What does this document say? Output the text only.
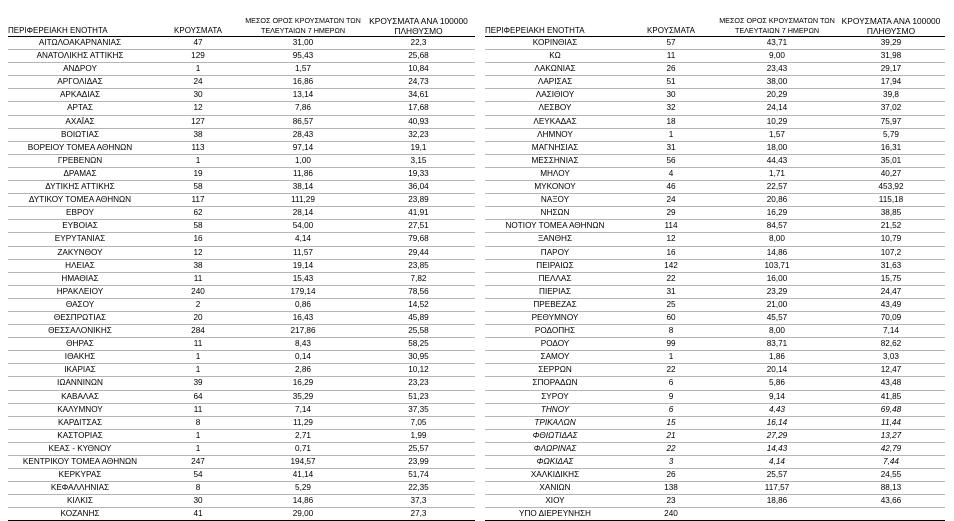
ΠΕΡΙΦΕΡΕΙΑΚΗ ΕΝΟΤΗΤΑ	ΚΡΟΥΣΜΑΤΑ	ΜΕΣΟΣ ΟΡΟΣ ΚΡΟΥΣΜΑΤΩΝ ΤΩΝ ΤΕΛΕΥΤΑΙΩΝ 7 ΗΜΕΡΩΝ	ΚΡΟΥΣΜΑΤΑ ΑΝΑ 100000 ΠΛΗΘΥΣΜΟ
ΑΙΤΩΛΟΑΚΑΡΝΑΝΙΑΣ	47	31,00	22,3
ΑΝΑΤΟΛΙΚΗΣ ΑΤΤΙΚΗΣ	129	95,43	25,68
ΑΝΔΡΟΥ	1	1,57	10,84
ΑΡΓΟΛΙΔΑΣ	24	16,86	24,73
ΑΡΚΑΔΙΑΣ	30	13,14	34,61
ΑΡΤΑΣ	12	7,86	17,68
ΑΧΑΪΑΣ	127	86,57	40,93
ΒΟΙΩΤΙΑΣ	38	28,43	32,23
ΒΟΡΕΙΟΥ ΤΟΜΕΑ ΑΘΗΝΩΝ	113	97,14	19,1
ΓΡΕΒΕΝΩΝ	1	1,00	3,15
ΔΡΑΜΑΣ	19	11,86	19,33
ΔΥΤΙΚΗΣ ΑΤΤΙΚΗΣ	58	38,14	36,04
ΔΥΤΙΚΟΥ ΤΟΜΕΑ ΑΘΗΝΩΝ	117	111,29	23,89
ΕΒΡΟΥ	62	28,14	41,91
ΕΥΒΟΙΑΣ	58	54,00	27,51
ΕΥΡΥΤΑΝΙΑΣ	16	4,14	79,68
ΖΑΚΥΝΘΟΥ	12	11,57	29,44
ΗΛΕΙΑΣ	38	19,14	23,85
ΗΜΑΘΙΑΣ	11	15,43	7,82
ΗΡΑΚΛΕΙΟΥ	240	179,14	78,56
ΘΑΣΟΥ	2	0,86	14,52
ΘΕΣΠΡΩΤΙΑΣ	20	16,43	45,89
ΘΕΣΣΑΛΟΝΙΚΗΣ	284	217,86	25,58
ΘΗΡΑΣ	11	8,43	58,25
ΙΘΑΚΗΣ	1	0,14	30,95
ΙΚΑΡΙΑΣ	1	2,86	10,12
ΙΩΑΝΝΙΝΩΝ	39	16,29	23,23
ΚΑΒΑΛΑΣ	64	35,29	51,23
ΚΑΛΥΜΝΟΥ	11	7,14	37,35
ΚΑΡΔΙΤΣΑΣ	8	11,29	7,05
ΚΑΣΤΟΡΙΑΣ	1	2,71	1,99
ΚΕΑΣ - ΚΥΘΝΟΥ	1	0,71	25,57
ΚΕΝΤΡΙΚΟΥ ΤΟΜΕΑ ΑΘΗΝΩΝ	247	194,57	23,99
ΚΕΡΚΥΡΑΣ	54	41,14	51,74
ΚΕΦΑΛΛΗΝΙΑΣ	8	5,29	22,35
ΚΙΛΚΙΣ	30	14,86	37,3
ΚΟΖΑΝΗΣ	41	29,00	27,3
ΠΕΡΙΦΕΡΕΙΑΚΗ ΕΝΟΤΗΤΑ	ΚΡΟΥΣΜΑΤΑ	ΜΕΣΟΣ ΟΡΟΣ ΚΡΟΥΣΜΑΤΩΝ ΤΩΝ ΤΕΛΕΥΤΑΙΩΝ 7 ΗΜΕΡΩΝ	ΚΡΟΥΣΜΑΤΑ ΑΝΑ 100000 ΠΛΗΘΥΣΜΟ
ΚΟΡΙΝΘΙΑΣ	57	43,71	39,29
ΚΩ	11	9,00	31,98
ΛΑΚΩΝΙΑΣ	26	23,43	29,17
ΛΑΡΙΣΑΣ	51	38,00	17,94
ΛΑΣΙΘΙΟΥ	30	20,29	39,8
ΛΕΣΒΟΥ	32	24,14	37,02
ΛΕΥΚΑΔΑΣ	18	10,29	75,97
ΛΗΜΝΟΥ	1	1,57	5,79
ΜΑΓΝΗΣΙΑΣ	31	18,00	16,31
ΜΕΣΣΗΝΙΑΣ	56	44,43	35,01
ΜΗΛΟΥ	4	1,71	40,27
ΜΥΚΟΝΟΥ	46	22,57	453,92
ΝΑΞΟΥ	24	20,86	115,18
ΝΗΣΩΝ	29	16,29	38,85
ΝΟΤΙΟΥ ΤΟΜΕΑ ΑΘΗΝΩΝ	114	84,57	21,52
ΞΑΝΘΗΣ	12	8,00	10,79
ΠΑΡΟΥ	16	14,86	107,2
ΠΕΙΡΑΙΩΣ	142	103,71	31,63
ΠΕΛΛΑΣ	22	16,00	15,75
ΠΙΕΡΙΑΣ	31	23,29	24,47
ΠΡΕΒΕΖΑΣ	25	21,00	43,49
ΡΕΘΥΜΝΟΥ	60	45,57	70,09
ΡΟΔΟΠΗΣ	8	8,00	7,14
ΡΟΔΟΥ	99	83,71	82,62
ΣΑΜΟΥ	1	1,86	3,03
ΣΕΡΡΩΝ	22	20,14	12,47
ΣΠΟΡΑΔΩΝ	6	5,86	43,48
ΣΥΡΟΥ	9	9,14	41,85
ΤΗΝΟΥ	6	4,43	69,48
ΤΡΙΚΑΛΩΝ	15	16,14	11,44
ΦΘΙΩΤΙΔΑΣ	21	27,29	13,27
ΦΛΩΡΙΝΑΣ	22	14,43	42,79
ΦΩΚΙΔΑΣ	3	4,14	7,44
ΧΑΛΚΙΔΙΚΗΣ	26	25,57	24,55
ΧΑΝΙΩΝ	138	117,57	88,13
ΧΙΟΥ	23	18,86	43,66
ΥΠΟ ΔΙΕΡΕΥΝΗΣΗ	240		
